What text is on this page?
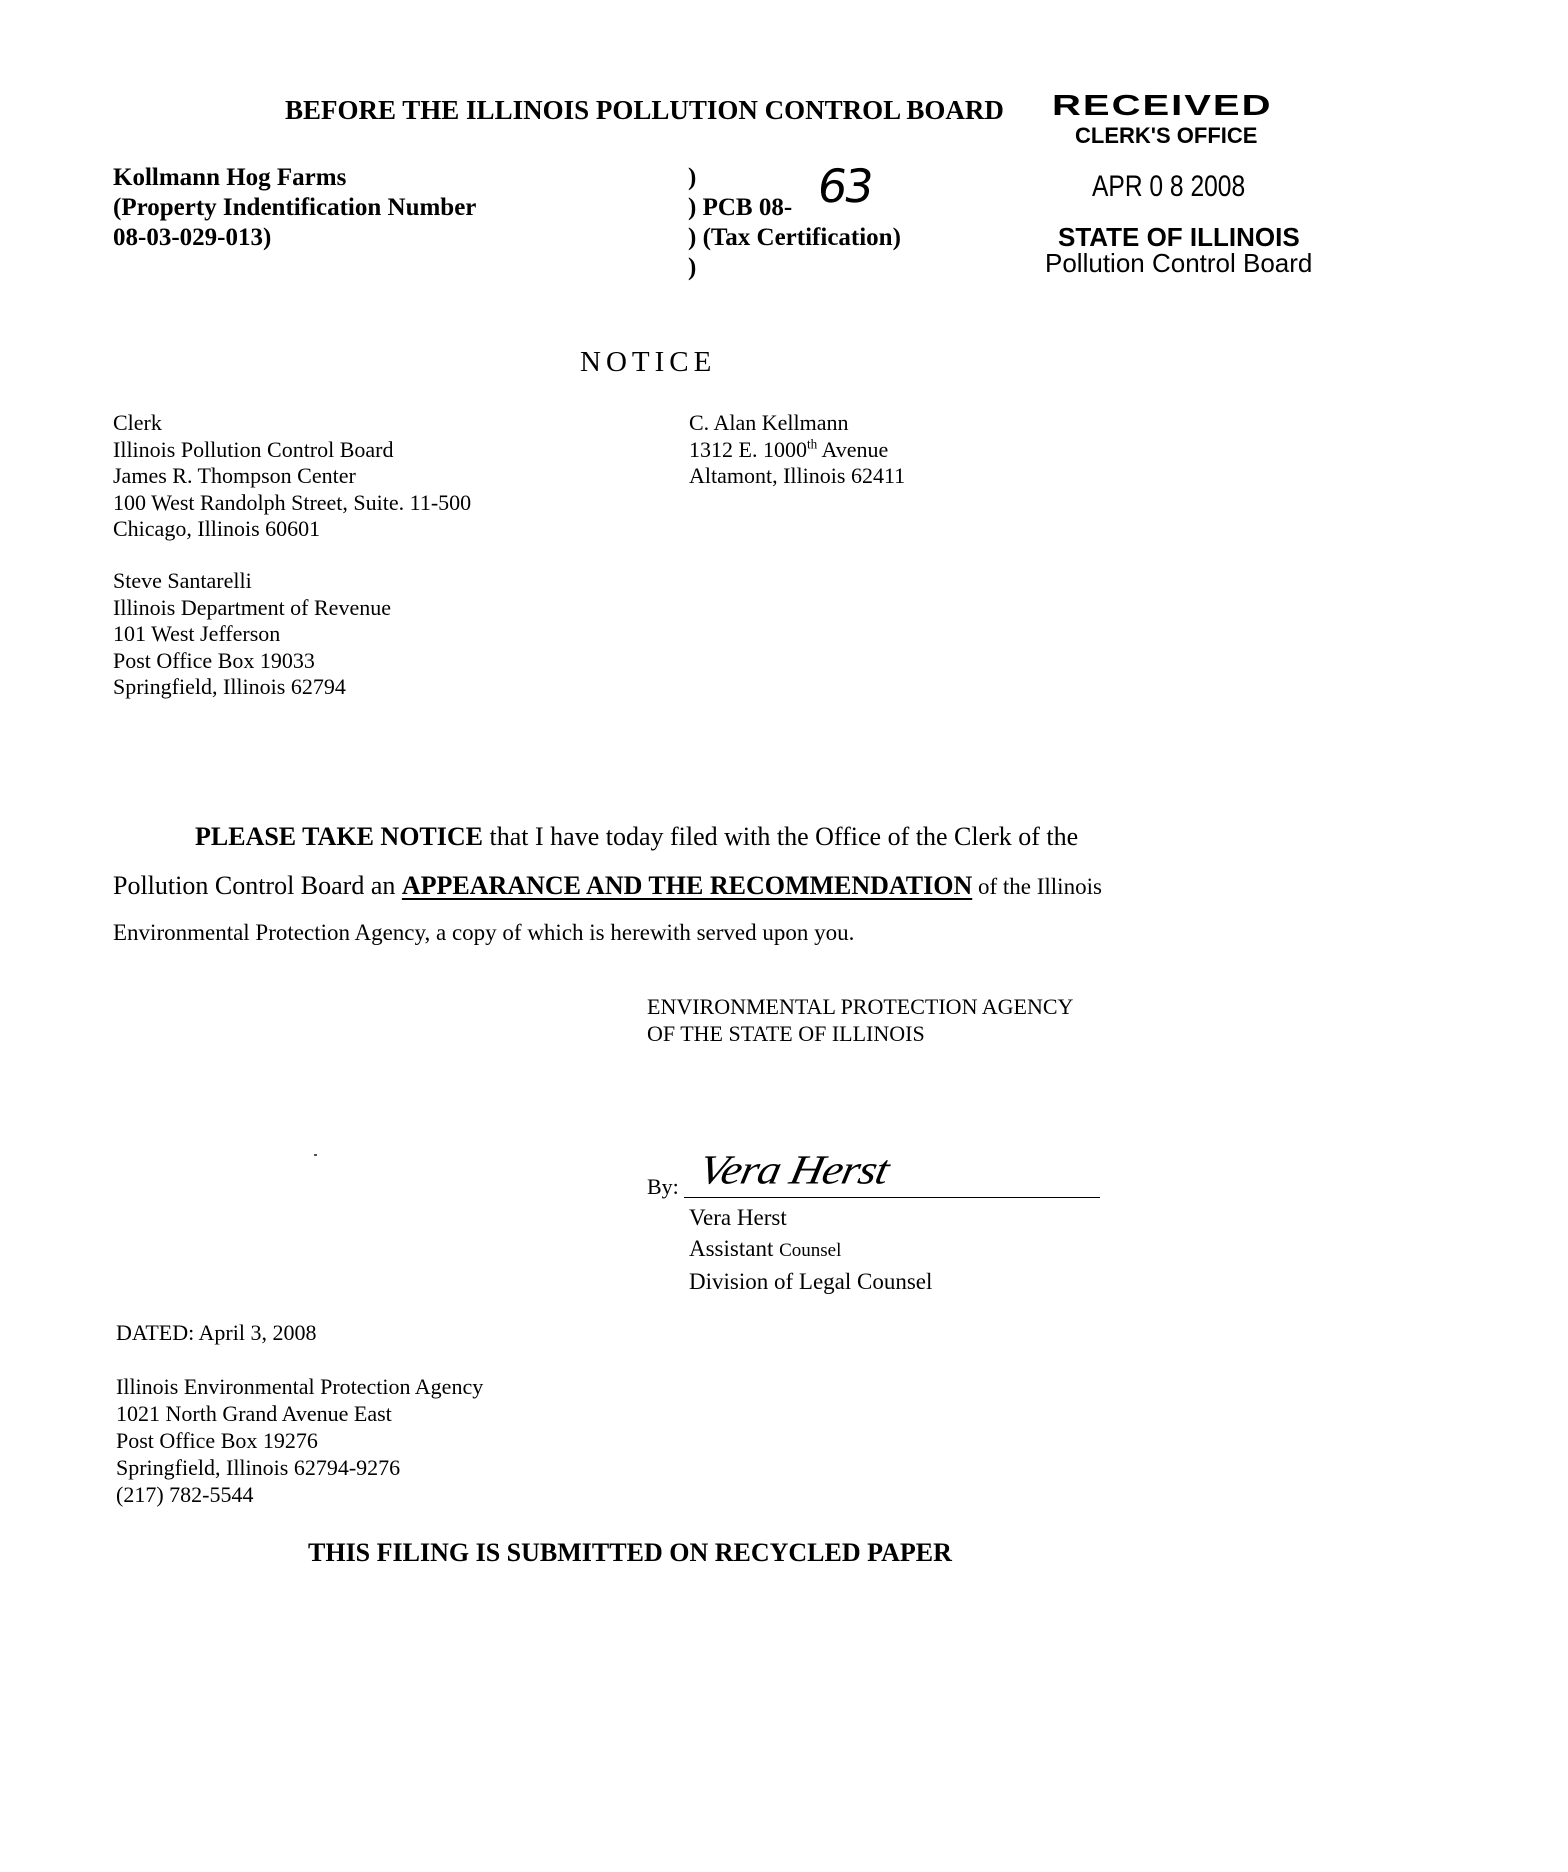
BEFORE THE ILLINOIS POLLUTION CONTROL BOARD RECEIVED
CLERK'S OFFICE
APR 0 8 2008
STATE OF ILLINOIS
Pollution Control Board
Kollmann Hog Farms
(Property Indentification Number
08-03-029-013)
)
) PCB 08- 63
) (Tax Certification)
)
NOTICE
Clerk
Illinois Pollution Control Board
James R. Thompson Center
100 West Randolph Street, Suite. 11-500
Chicago, Illinois 60601
C. Alan Kellmann
1312 E. 1000th Avenue
Altamont, Illinois 62411
Steve Santarelli
Illinois Department of Revenue
101 West Jefferson
Post Office Box 19033
Springfield, Illinois 62794
PLEASE TAKE NOTICE that I have today filed with the Office of the Clerk of the
Pollution Control Board an APPEARANCE AND THE RECOMMENDATION of the Illinois
Environmental Protection Agency, a copy of which is herewith served upon you.
ENVIRONMENTAL PROTECTION AGENCY
OF THE STATE OF ILLINOIS
By: Vera Herst
Vera Herst
Assistant Counsel
Division of Legal Counsel
DATED: April 3, 2008
Illinois Environmental Protection Agency
1021 North Grand Avenue East
Post Office Box 19276
Springfield, Illinois 62794-9276
(217) 782-5544
THIS FILING IS SUBMITTED ON RECYCLED PAPER
